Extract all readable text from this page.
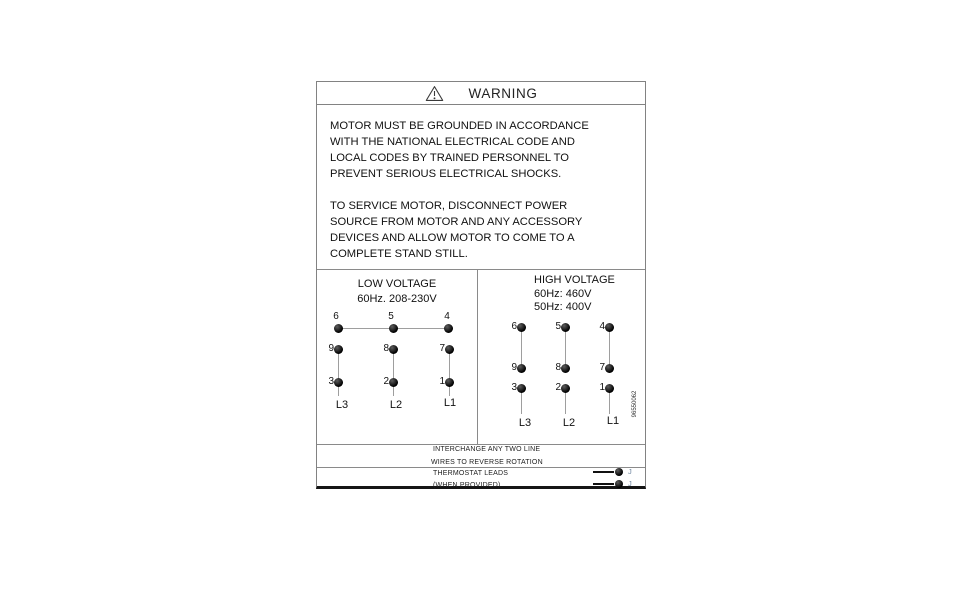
WARNING
MOTOR MUST BE GROUNDED IN ACCORDANCE
WITH THE NATIONAL ELECTRICAL CODE AND
LOCAL CODES BY TRAINED PERSONNEL TO
PREVENT SERIOUS ELECTRICAL SHOCKS.
TO SERVICE MOTOR, DISCONNECT POWER
SOURCE FROM MOTOR AND ANY ACCESSORY
DEVICES AND ALLOW MOTOR TO COME TO A
COMPLETE STAND STILL.
LOW VOLTAGE
60Hz. 208-230V
6	5	4
9	8	7
3	2	1
L3	L2	L1
HIGH VOLTAGE
60Hz: 460V
50Hz: 400V
6	5	4
9	8	7
3	2	1
L3	L2	L1
96550062
INTERCHANGE ANY TWO LINE
WIRES TO REVERSE ROTATION
THERMOSTAT LEADS
(WHEN PROVIDED)
J
J
